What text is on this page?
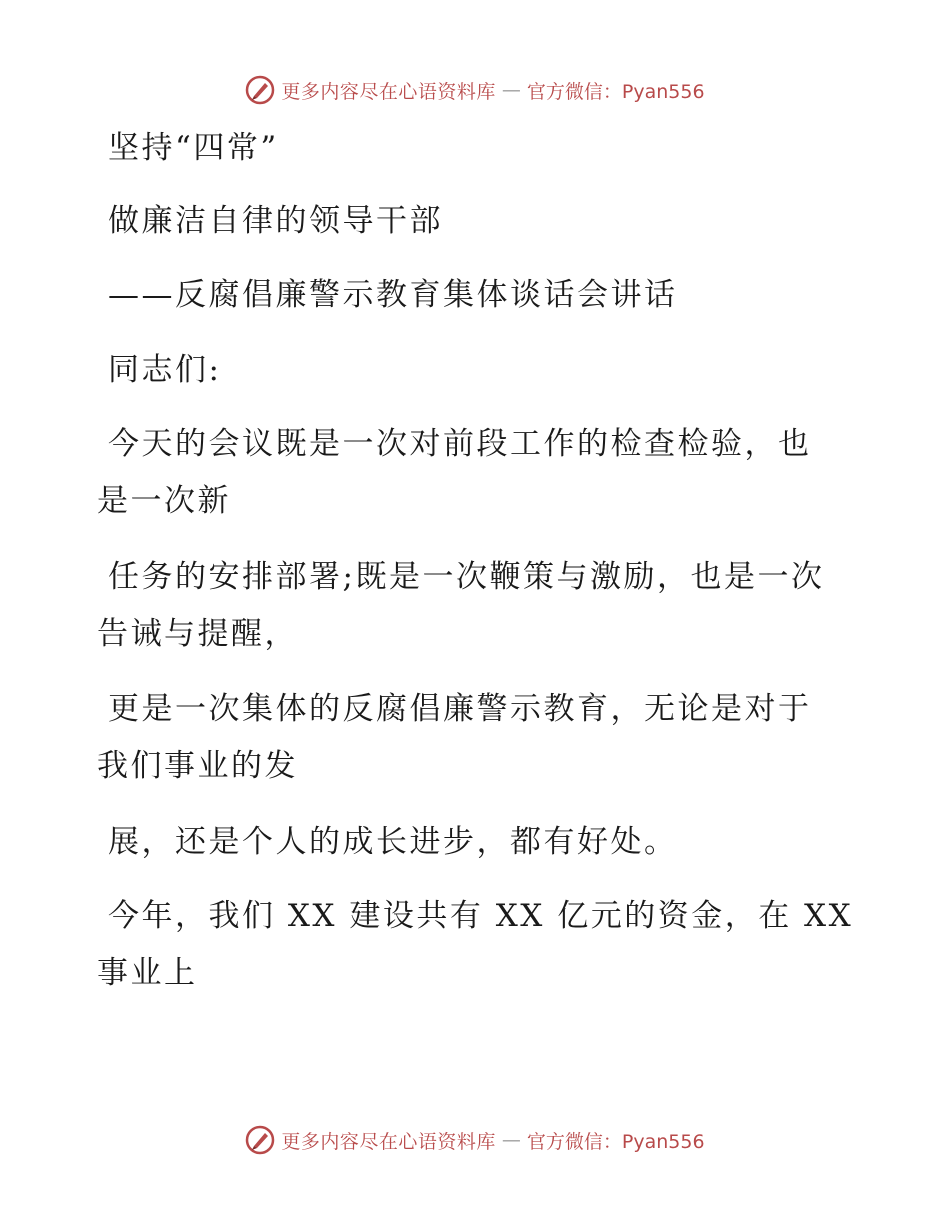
更多内容尽在心语资料库 — 官方微信：Pyan556
坚持“四常”
做廉洁自律的领导干部
——反腐倡廉警示教育集体谈话会讲话
同志们:
今天的会议既是一次对前段工作的检查检验，也
是一次新
任务的安排部署;既是一次鞭策与激励，也是一次
告诫与提醒，
更是一次集体的反腐倡廉警示教育，无论是对于
我们事业的发
展，还是个人的成长进步，都有好处。
今年，我们 XX 建设共有 XX 亿元的资金，在 XX
事业上
更多内容尽在心语资料库 — 官方微信：Pyan556
